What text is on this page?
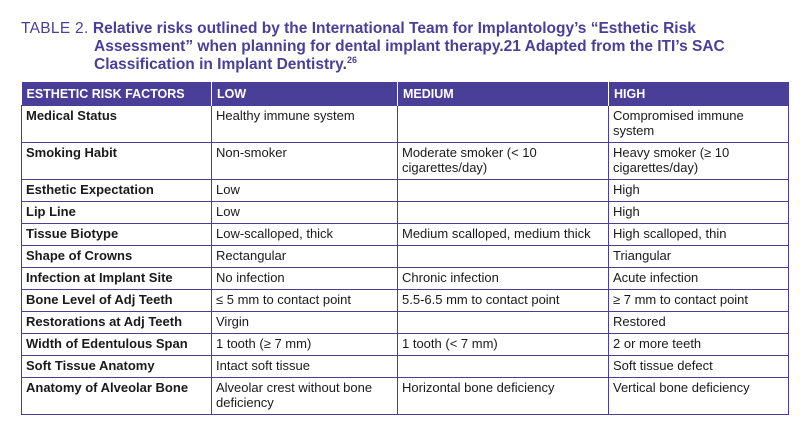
TABLE 2. Relative risks outlined by the International Team for Implantology’s “Esthetic Risk
Assessment” when planning for dental implant therapy.21 Adapted from the ITI’s SAC
Classification in Implant Dentistry.$^{26}$
ESTHETIC RISK FACTORS	LOW	MEDIUM	HIGH
Medical Status	Healthy immune system		Compromised immune system
Smoking Habit	Non-smoker	Moderate smoker (< 10 cigarettes/day)	Heavy smoker (≥ 10 cigarettes/day)
Esthetic Expectation	Low		High
Lip Line	Low		High
Tissue Biotype	Low-scalloped, thick	Medium scalloped, medium thick	High scalloped, thin
Shape of Crowns	Rectangular		Triangular
Infection at Implant Site	No infection	Chronic infection	Acute infection
Bone Level of Adj Teeth	≤ 5 mm to contact point	5.5-6.5 mm to contact point	≥ 7 mm to contact point
Restorations at Adj Teeth	Virgin		Restored
Width of Edentulous Span	1 tooth (≥ 7 mm)	1 tooth (< 7 mm)	2 or more teeth
Soft Tissue Anatomy	Intact soft tissue		Soft tissue defect
Anatomy of Alveolar Bone	Alveolar crest without bone deficiency	Horizontal bone deficiency	Vertical bone deficiency
